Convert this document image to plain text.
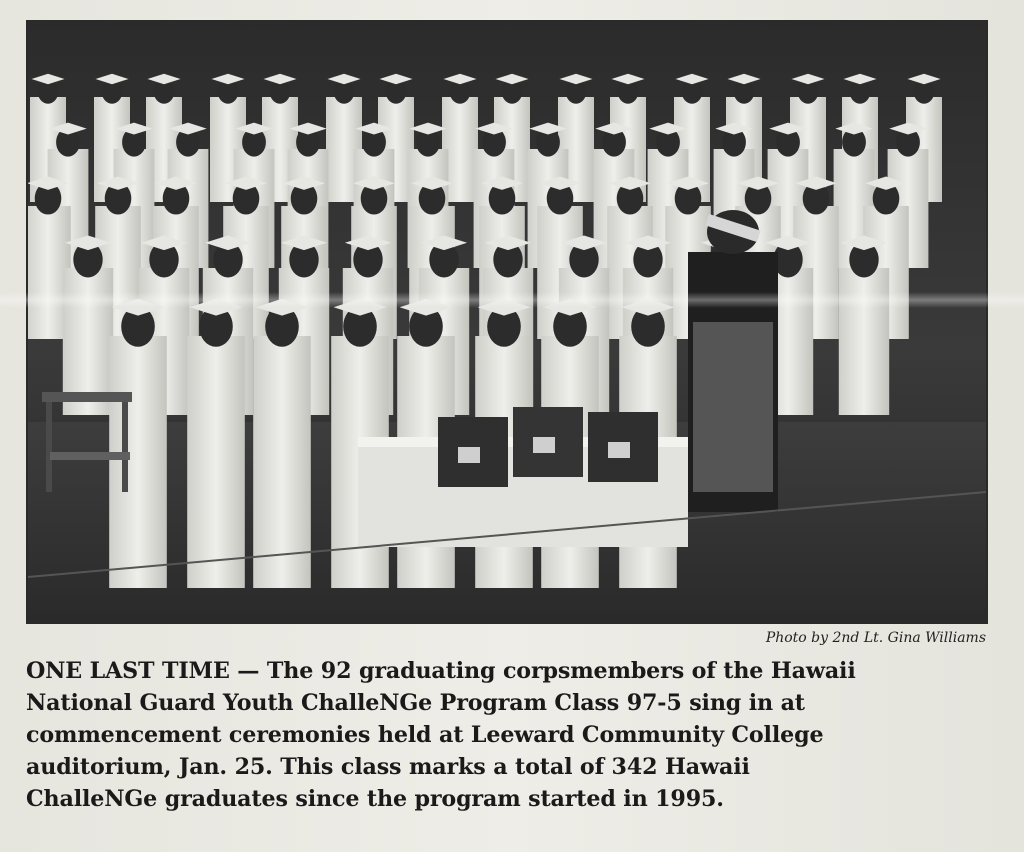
Photo by 2nd Lt. Gina Williams
ONE LAST TIME — The 92 graduating corpsmembers of the Hawaii
National Guard Youth ChalleNGe Program Class 97-5 sing in at
commencement ceremonies held at Leeward Community College
auditorium, Jan. 25. This class marks a total of 342 Hawaii
ChalleNGe graduates since the program started in 1995.
